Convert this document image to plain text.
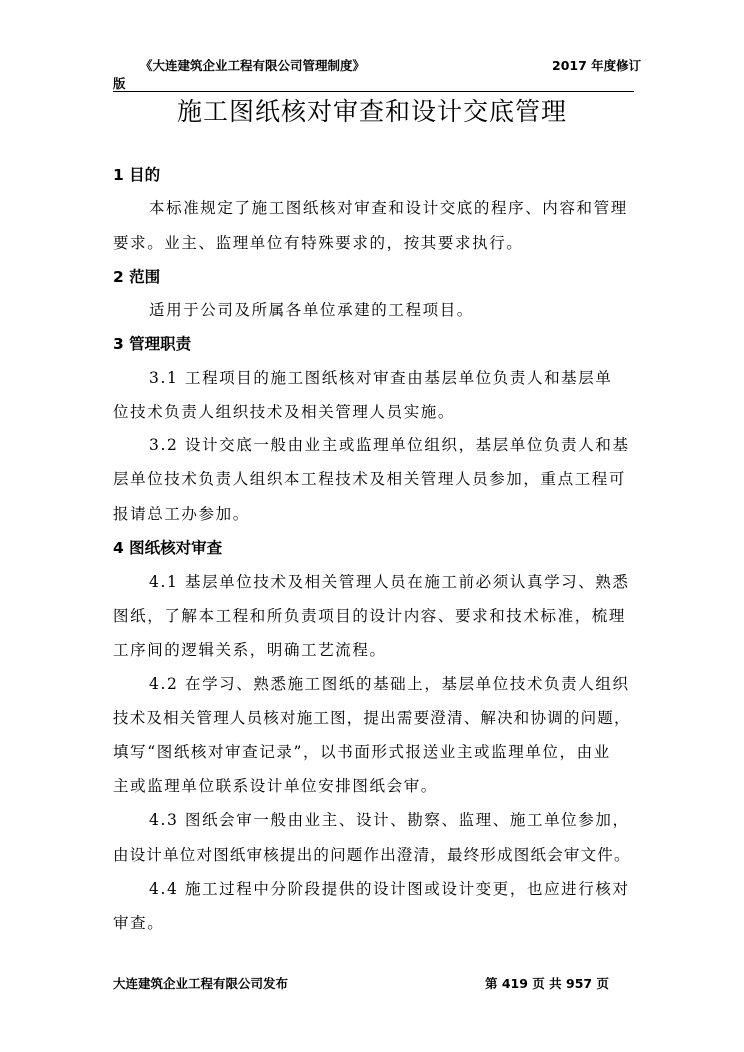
《大连建筑企业工程有限公司管理制度》	2017 年度修订
版
施工图纸核对审查和设计交底管理
1 目的
本标准规定了施工图纸核对审查和设计交底的程序、内容和管理
要求。业主、监理单位有特殊要求的，按其要求执行。
2 范围
适用于公司及所属各单位承建的工程项目。
3 管理职责
3.1 工程项目的施工图纸核对审查由基层单位负责人和基层单
位技术负责人组织技术及相关管理人员实施。
3.2 设计交底一般由业主或监理单位组织，基层单位负责人和基
层单位技术负责人组织本工程技术及相关管理人员参加，重点工程可
报请总工办参加。
4 图纸核对审查
4.1 基层单位技术及相关管理人员在施工前必须认真学习、熟悉
图纸，了解本工程和所负责项目的设计内容、要求和技术标准，梳理
工序间的逻辑关系，明确工艺流程。
4.2 在学习、熟悉施工图纸的基础上，基层单位技术负责人组织
技术及相关管理人员核对施工图，提出需要澄清、解决和协调的问题，
填写“图纸核对审查记录”，以书面形式报送业主或监理单位，由业
主或监理单位联系设计单位安排图纸会审。
4.3 图纸会审一般由业主、设计、勘察、监理、施工单位参加，
由设计单位对图纸审核提出的问题作出澄清，最终形成图纸会审文件。
4.4 施工过程中分阶段提供的设计图或设计变更，也应进行核对
审查。
大连建筑企业工程有限公司发布	第 419 页 共 957 页
